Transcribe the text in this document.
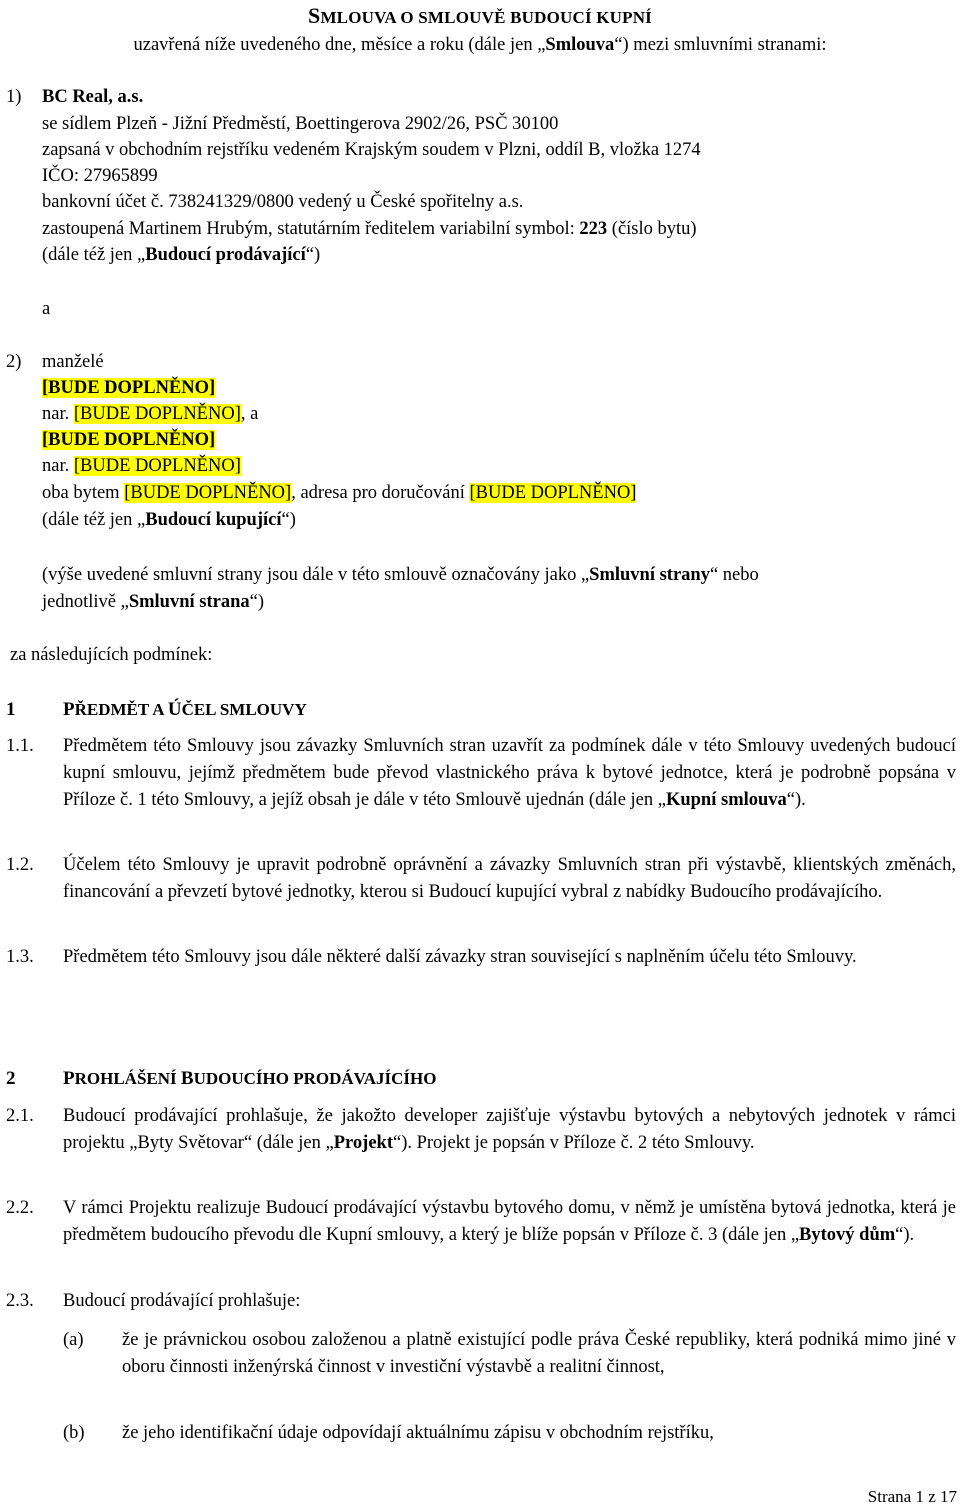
SMLOUVA O SMLOUVĚ BUDOUCÍ KUPNÍ
uzavřená níže uvedeného dne, měsíce a roku (dále jen „Smlouva“) mezi smluvními stranami:
1) BC Real, a.s.
se sídlem Plzeň - Jižní Předměstí, Boettingerova 2902/26, PSČ 30100
zapsaná v obchodním rejstříku vedeném Krajským soudem v Plzni, oddíl B, vložka 1274
IČO: 27965899
bankovní účet č. 738241329/0800 vedený u České spořitelny a.s.
zastoupená Martinem Hrubým, statutárním ředitelem variabilní symbol: 223 (číslo bytu)
(dále též jen „Budoucí prodávající“)
a
2) manželé
[BUDE DOPLNĚNO]
nar. [BUDE DOPLNĚNO], a
[BUDE DOPLNĚNO]
nar. [BUDE DOPLNĚNO]
oba bytem [BUDE DOPLNĚNO], adresa pro doručování [BUDE DOPLNĚNO]
(dále též jen „Budoucí kupující“)
(výše uvedené smluvní strany jsou dále v této smlouvě označovány jako „Smluvní strany“ nebo
jednotlivě „Smluvní strana“)
za následujících podmínek:
1	PŘEDMĚT A ÚČEL SMLOUVY
1.1. Předmětem této Smlouvy jsou závazky Smluvních stran uzavřít za podmínek dále v této Smlouvy uvedených budoucí kupní smlouvu, jejímž předmětem bude převod vlastnického práva k bytové jednotce, která je podrobně popsána v Příloze č. 1 této Smlouvy, a jejíž obsah je dále v této Smlouvě ujednán (dále jen „Kupní smlouva“).
1.2. Účelem této Smlouvy je upravit podrobně oprávnění a závazky Smluvních stran při výstavbě, klientských změnách, financování a převzetí bytové jednotky, kterou si Budoucí kupující vybral z nabídky Budoucího prodávajícího.
1.3. Předmětem této Smlouvy jsou dále některé další závazky stran související s naplněním účelu této Smlouvy.
2	PROHLÁŠENÍ BUDOUCÍHO PRODÁVAJÍCÍHO
2.1. Budoucí prodávající prohlašuje, že jakožto developer zajišťuje výstavbu bytových a nebytových jednotek v rámci projektu „Byty Světovar“ (dále jen „Projekt“). Projekt je popsán v Příloze č. 2 této Smlouvy.
2.2. V rámci Projektu realizuje Budoucí prodávající výstavbu bytového domu, v němž je umístěna bytová jednotka, která je předmětem budoucího převodu dle Kupní smlouvy, a který je blíže popsán v Příloze č. 3 (dále jen „Bytový dům“).
2.3. Budoucí prodávající prohlašuje:
(a) že je právnickou osobou založenou a platně existující podle práva České republiky, která podniká mimo jiné v oboru činnosti inženýrská činnost v investiční výstavbě a realitní činnost,
(b) že jeho identifikační údaje odpovídají aktuálnímu zápisu v obchodním rejstříku,
Strana 1 z 17
